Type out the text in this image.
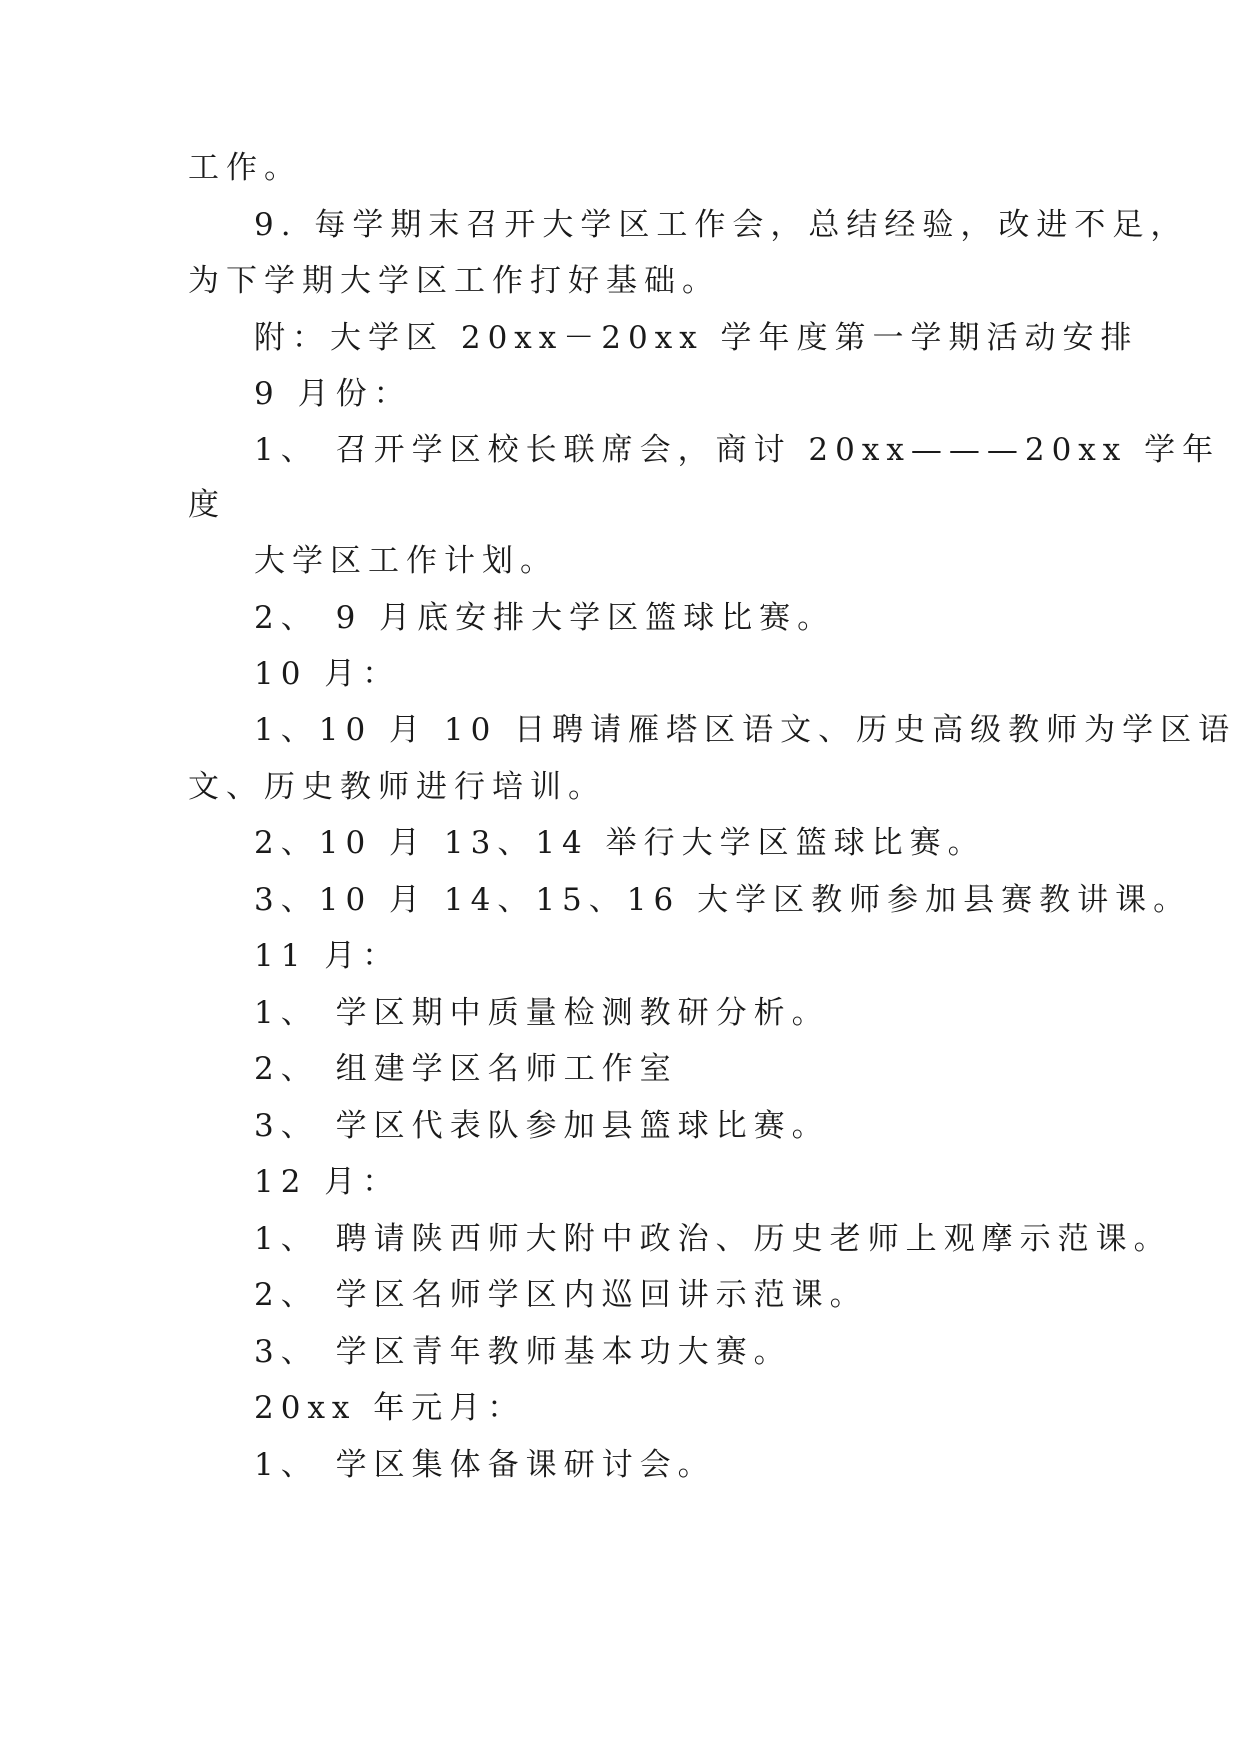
工作。
9. 每学期末召开大学区工作会，总结经验，改进不足，
为下学期大学区工作打好基础。
附：大学区 20xx－20xx 学年度第一学期活动安排
9 月份：
1、 召开学区校长联席会，商讨 20xx———20xx 学年
度
大学区工作计划。
2、 9 月底安排大学区篮球比赛。
10 月：
1、10 月 10 日聘请雁塔区语文、历史高级教师为学区语
文、历史教师进行培训。
2、10 月 13、14 举行大学区篮球比赛。
3、10 月 14、15、16 大学区教师参加县赛教讲课。
11 月：
1、 学区期中质量检测教研分析。
2、 组建学区名师工作室
3、 学区代表队参加县篮球比赛。
12 月：
1、 聘请陕西师大附中政治、历史老师上观摩示范课。
2、 学区名师学区内巡回讲示范课。
3、 学区青年教师基本功大赛。
20xx 年元月：
1、 学区集体备课研讨会。
